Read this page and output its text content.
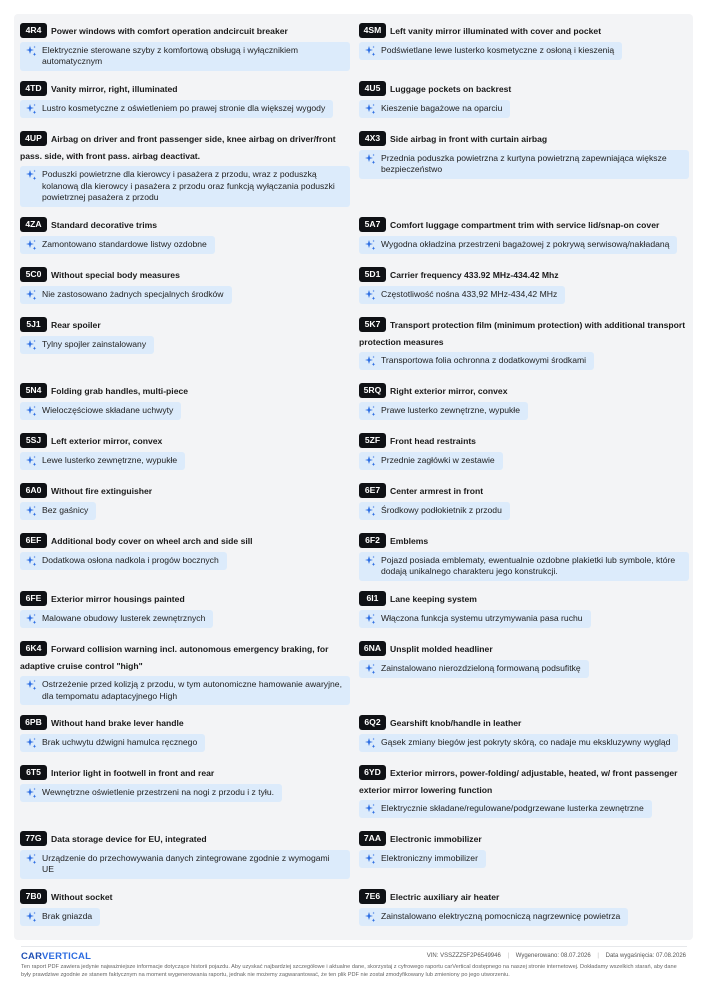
4R4 Power windows with comfort operation andcircuit breaker
Elektrycznie sterowane szyby z komfortową obsługą i wyłącznikiem automatycznym
4TD Vanity mirror, right, illuminated
Lustro kosmetyczne z oświetleniem po prawej stronie dla większej wygody
4UP Airbag on driver and front passenger side, knee airbag on driver/front pass. side, with front pass. airbag deactivat.
Poduszki powietrzne dla kierowcy i pasażera z przodu, wraz z poduszką kolanową dla kierowcy i pasażera z przodu oraz funkcją wyłączania poduszki powietrznej pasażera z przodu
4ZA Standard decorative trims
Zamontowano standardowe listwy ozdobne
5C0 Without special body measures
Nie zastosowano żadnych specjalnych środków
5J1 Rear spoiler
Tylny spojler zainstalowany
5N4 Folding grab handles, multi-piece
Wieloczęściowe składane uchwyty
5SJ Left exterior mirror, convex
Lewe lusterko zewnętrzne, wypukłe
6A0 Without fire extinguisher
Bez gaśnicy
6EF Additional body cover on wheel arch and side sill
Dodatkowa osłona nadkola i progów bocznych
6FE Exterior mirror housings painted
Malowane obudowy lusterek zewnętrznych
6K4 Forward collision warning incl. autonomous emergency braking, for adaptive cruise control "high"
Ostrzeżenie przed kolizją z przodu, w tym autonomiczne hamowanie awaryjne, dla tempomatu adaptacyjnego High
6PB Without hand brake lever handle
Brak uchwytu dźwigni hamulca ręcznego
6T5 Interior light in footwell in front and rear
Wewnętrzne oświetlenie przestrzeni na nogi z przodu i z tyłu.
77G Data storage device for EU, integrated
Urządzenie do przechowywania danych zintegrowane zgodnie z wymogami UE
7B0 Without socket
Brak gniazda
4SM Left vanity mirror illuminated with cover and pocket
Podświetlane lewe lusterko kosmetyczne z osłoną i kieszenią
4U5 Luggage pockets on backrest
Kieszenie bagażowe na oparciu
4X3 Side airbag in front with curtain airbag
Przednia poduszka powietrzna z kurtyna powietrzną zapewniająca większe bezpieczeństwo
5A7 Comfort luggage compartment trim with service lid/snap-on cover
Wygodna okładzina przestrzeni bagażowej z pokrywą serwisową/nakładaną
5D1 Carrier frequency 433.92 MHz-434.42 Mhz
Częstotliwość nośna 433,92 MHz-434,42 MHz
5K7 Transport protection film (minimum protection) with additional transport protection measures
Transportowa folia ochronna z dodatkowymi środkami
5RQ Right exterior mirror, convex
Prawe lusterko zewnętrzne, wypukłe
5ZF Front head restraints
Przednie zagłówki w zestawie
6E7 Center armrest in front
Środkowy podłokietnik z przodu
6F2 Emblems
Pojazd posiada emblematy, ewentualnie ozdobne plakietki lub symbole, które dodają unikalnego charakteru jego konstrukcji.
6I1 Lane keeping system
Włączona funkcja systemu utrzymywania pasa ruchu
6NA Unsplit molded headliner
Zainstalowano nierozdzieloną formowaną podsufitkę
6Q2 Gearshift knob/handle in leather
Gąsek zmiany biegów jest pokryty skórą, co nadaje mu ekskluzywny wygląd
6YD Exterior mirrors, power-folding/ adjustable, heated, w/ front passenger exterior mirror lowering function
Elektrycznie składane/regulowane/podgrzewane lusterka zewnętrzne
7AA Electronic immobilizer
Elektroniczny immobilizer
7E6 Electric auxiliary air heater
Zainstalowano elektryczną pomocniczą nagrzewnicę powietrza
CARVERTICAL	VIN: VSSZZZ5F2P6549946 | Wygenerowano: 08.07.2026 | Data wygaśnięcia: 07.08.2026
Ten raport PDF zawiera jedynie najważniejsze informacje dotyczące historii pojazdu. Aby uzyskać najbardziej szczegółowe i aktualne dane, skorzystaj z cyfrowego raportu carVertical dostępnego na naszej stronie internetowej. Dokładamy wszelkich starań, aby dane były prawdziwe zgodnie ze stanem faktycznym na moment wygenerowania raportu, jednak nie możemy zagwarantować, że ten plik PDF nie został zmodyfikowany lub zmieniony po jego utworzeniu.
